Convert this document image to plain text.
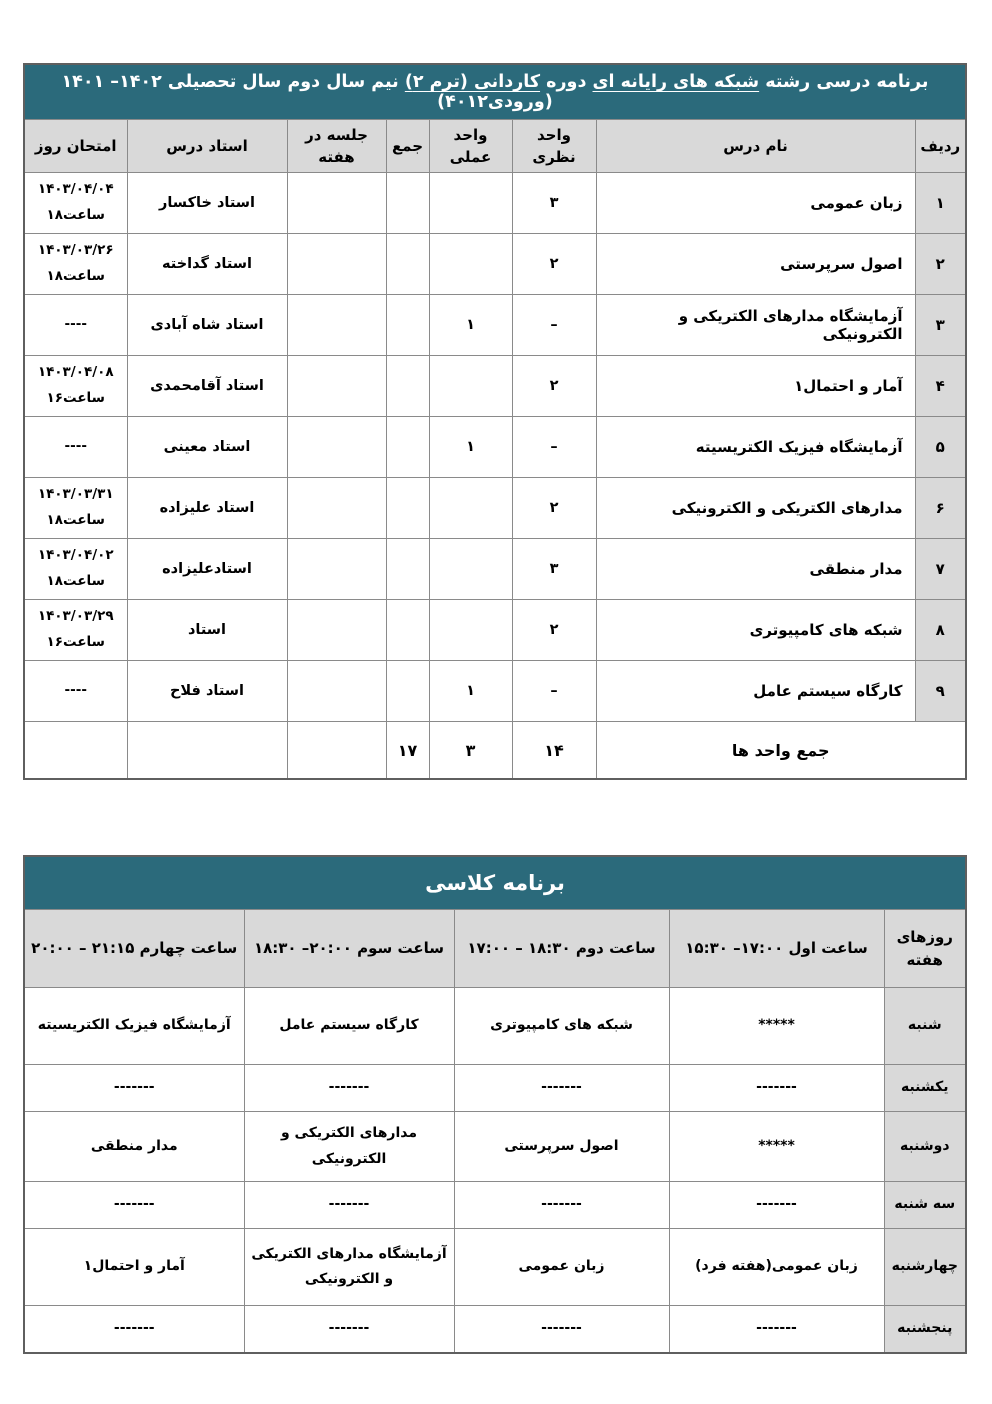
برنامه درسی رشته شبکه های رایانه ای دوره کاردانی (ترم ۲) نیم سال دوم سال تحصیلی ۱۴۰۲– ۱۴۰۱ (ورودی۴۰۱۲)							
ردیف	نام درس	واحد نظری	واحد عملی	جمع	جلسه در هفته	استاد درس	امتحان روز
۱	زبان عمومی	۳				استاد خاکسار	۱۴۰۳/۰۴/۰۴
ساعت۱۸

۲	اصول سرپرستی	۲				استاد گداخته	۱۴۰۳/۰۳/۲۶
ساعت۱۸

۳	آزمایشگاه مدارهای الکتریکی و الکترونیکی	–	۱			استاد شاه آبادی	----

۴	آمار و احتمال۱	۲				استاد آقامحمدی	۱۴۰۳/۰۴/۰۸
ساعت۱۶

۵	آزمایشگاه فیزیک الکتریسیته	–	۱			استاد معینی	----

۶	مدارهای الکتریکی و الکترونیکی	۲				استاد علیزاده	۱۴۰۳/۰۳/۳۱
ساعت۱۸

۷	مدار منطقی	۳				استادعلیزاده	۱۴۰۳/۰۴/۰۲
ساعت۱۸

۸	شبکه های کامپیوتری	۲				استاد	۱۴۰۳/۰۳/۲۹
ساعت۱۶

۹	کارگاه سیستم عامل	–	۱			استاد فلاح	----

جمع واحد ها		۱۴	۳	۱۷			
برنامه کلاسی				
روزهای هفته	ساعت اول ۱۷:۰۰– ۱۵:۳۰	ساعت دوم ۱۸:۳۰ – ۱۷:۰۰	ساعت سوم ۲۰:۰۰– ۱۸:۳۰	ساعت چهارم ۲۱:۱۵ – ۲۰:۰۰
شنبه	*****	شبکه های کامپیوتری	کارگاه سیستم عامل	آزمایشگاه فیزیک الکتریسیته
یکشنبه	-------	-------	-------	-------
دوشنبه	*****	اصول سرپرستی	مدارهای الکتریکی و الکترونیکی	مدار منطقی
سه شنبه	-------	-------	-------	-------
چهارشنبه	زبان عمومی(هفته فرد)	زبان عمومی	آزمایشگاه مدارهای الکتریکی و الکترونیکی	آمار و احتمال۱
پنجشنبه	-------	-------	-------	-------
